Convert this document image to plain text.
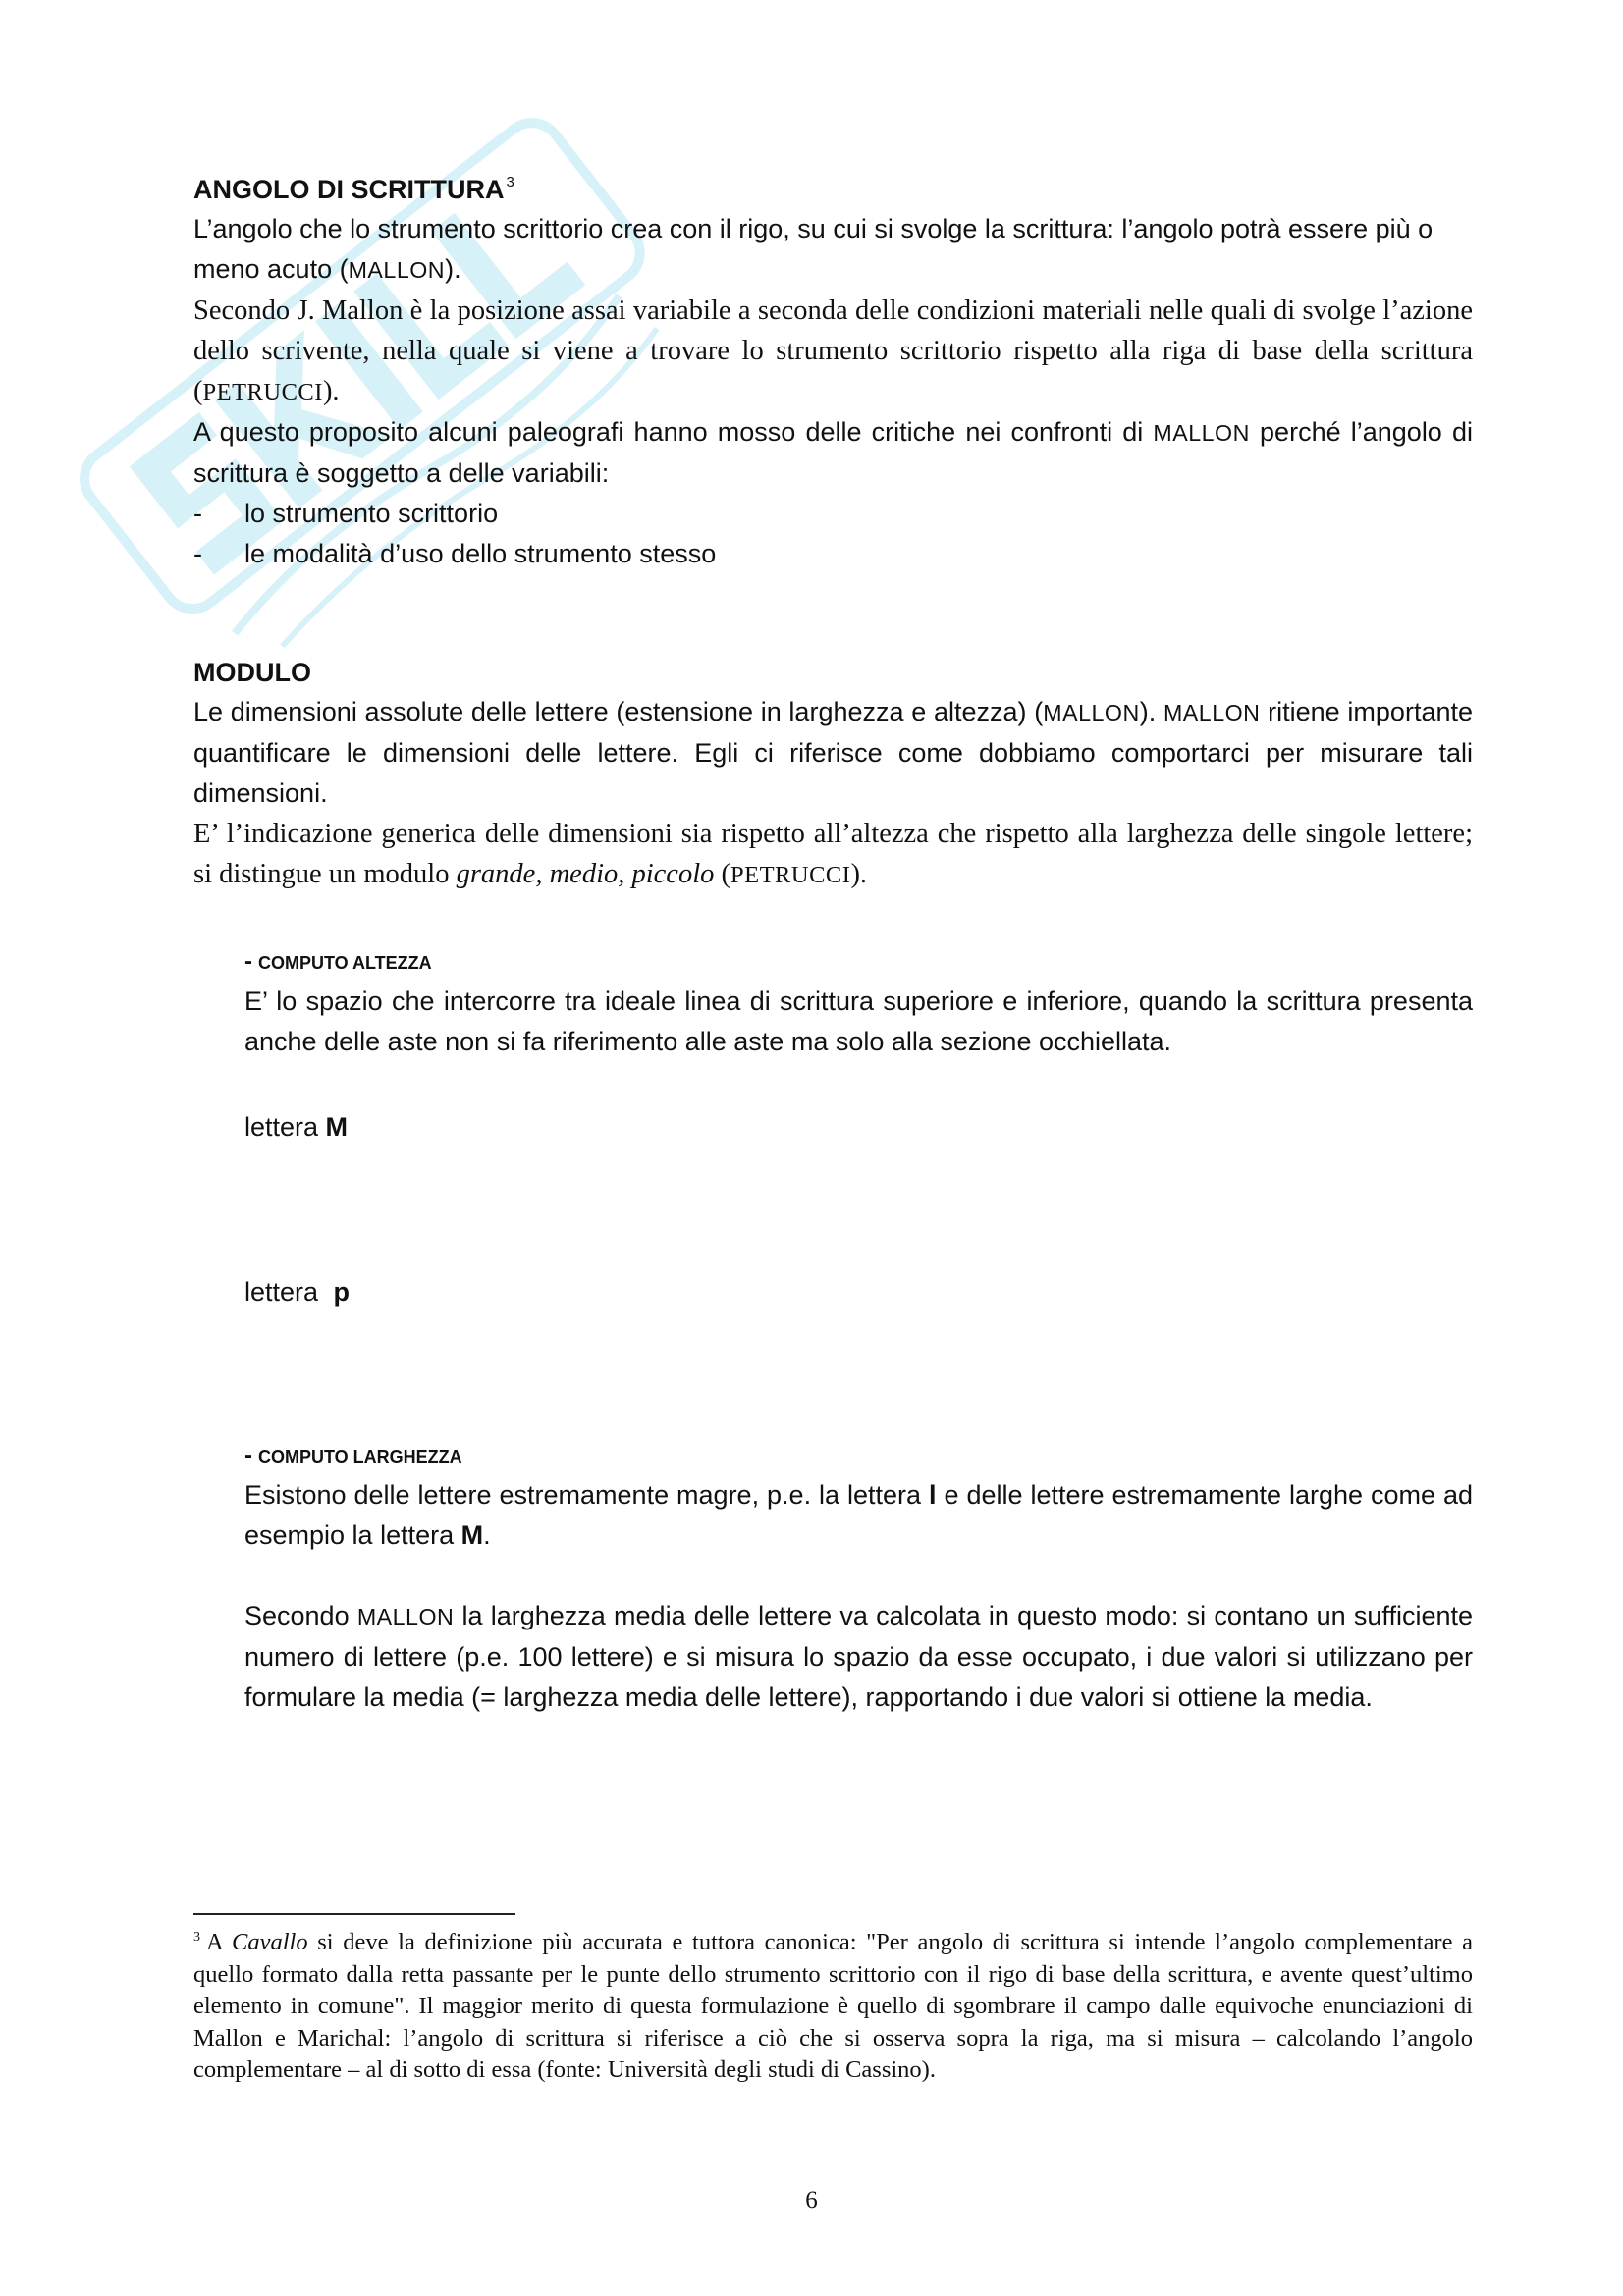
ANGOLO DI SCRITTURA $^3$

L’angolo che lo strumento scrittorio crea con il rigo, su cui si svolge la scrittura: l’angolo potrà essere più o meno acuto (MALLON).

Secondo J. Mallon è la posizione assai variabile a seconda delle condizioni materiali nelle quali di svolge l’azione dello scrivente, nella quale si viene a trovare lo strumento scrittorio rispetto alla riga di base della scrittura (PETRUCCI).

A questo proposito alcuni paleografi hanno mosso delle critiche nei confronti di MALLON perché l’angolo di scrittura è soggetto a delle variabili:

- lo strumento scrittorio
- le modalità d’uso dello strumento stesso
MODULO

Le dimensioni assolute delle lettere (estensione in larghezza e altezza) (MALLON). MALLON ritiene importante quantificare le dimensioni delle lettere. Egli ci riferisce come dobbiamo comportarci per misurare tali dimensioni.

E’ l’indicazione generica delle dimensioni sia rispetto all’altezza che rispetto alla larghezza delle singole lettere; si distingue un modulo grande, medio, piccolo (PETRUCCI).

- COMPUTO ALTEZZA

E’ lo spazio che intercorre tra ideale linea di scrittura superiore e inferiore, quando la scrittura presenta anche delle aste non si fa riferimento alle aste ma solo alla sezione occhiellata.

lettera M
lettera p
- COMPUTO LARGHEZZA

Esistono delle lettere estremamente magre, p.e. la lettera l e delle lettere estremamente larghe come ad esempio la lettera M.

Secondo MALLON la larghezza media delle lettere va calcolata in questo modo: si contano un sufficiente numero di lettere (p.e. 100 lettere) e si misura lo spazio da esse occupato, i due valori si utilizzano per formulare la media (= larghezza media delle lettere), rapportando i due valori si ottiene la media.

$^3$ A Cavallo si deve la definizione più accurata e tuttora canonica: "Per angolo di scrittura si intende l’angolo complementare a quello formato dalla retta passante per le punte dello strumento scrittorio con il rigo di base della scrittura, e avente quest’ultimo elemento in comune". Il maggior merito di questa formulazione è quello di sgombrare il campo dalle equivoche enunciazioni di Mallon e Marichal: l’angolo di scrittura si riferisce a ciò che si osserva sopra la riga, ma si misura – calcolando l’angolo complementare – al di sotto di essa (fonte: Università degli studi di Cassino).
6
